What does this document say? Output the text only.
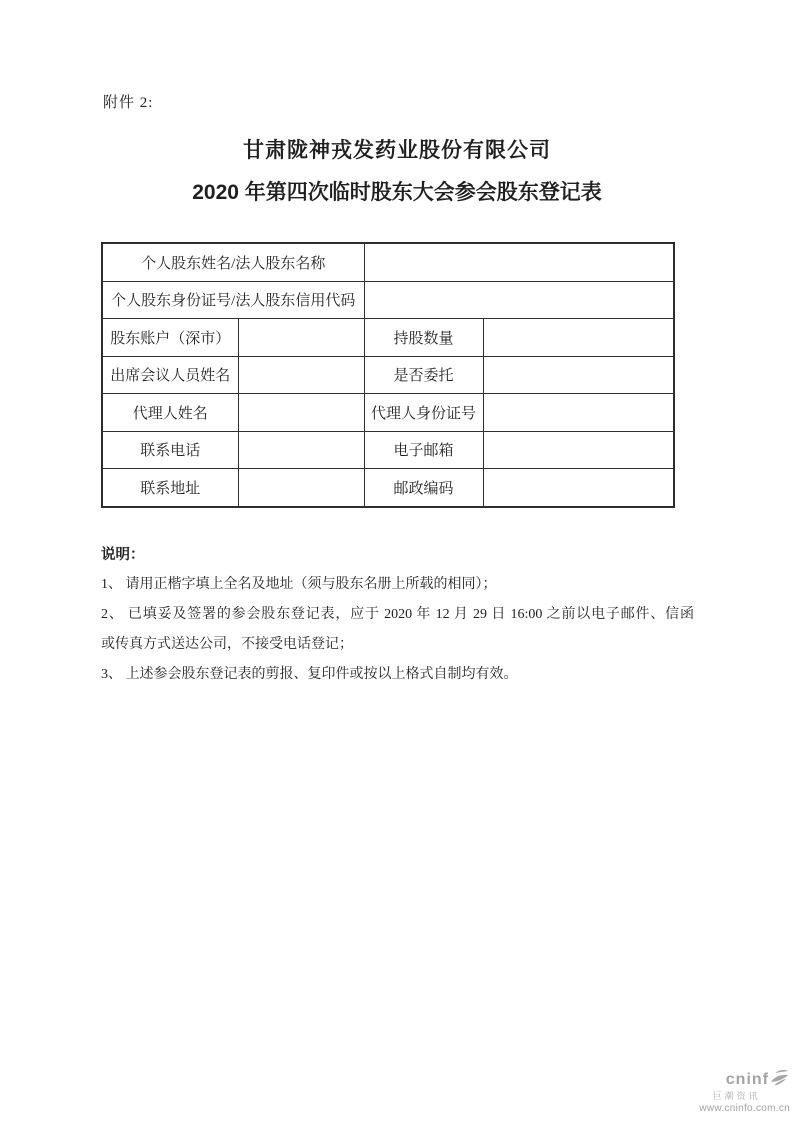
附件 2:
甘肃陇神戎发药业股份有限公司
2020 年第四次临时股东大会参会股东登记表
个人股东姓名/法人股东名称			
个人股东身份证号/法人股东信用代码			
股东账户（深市）		持股数量	
出席会议人员姓名		是否委托	
代理人姓名		代理人身份证号	
联系电话		电子邮箱	
联系地址		邮政编码	
说明：
1、 请用正楷字填上全名及地址（须与股东名册上所载的相同）；
2、 已填妥及签署的参会股东登记表，应于 2020 年 12 月 29 日 16:00 之前以电子邮件、信函
或传真方式送达公司，不接受电话登记；
3、 上述参会股东登记表的剪报、复印件或按以上格式自制均有效。
cninf
巨潮资讯
www.cninfo.com.cn
